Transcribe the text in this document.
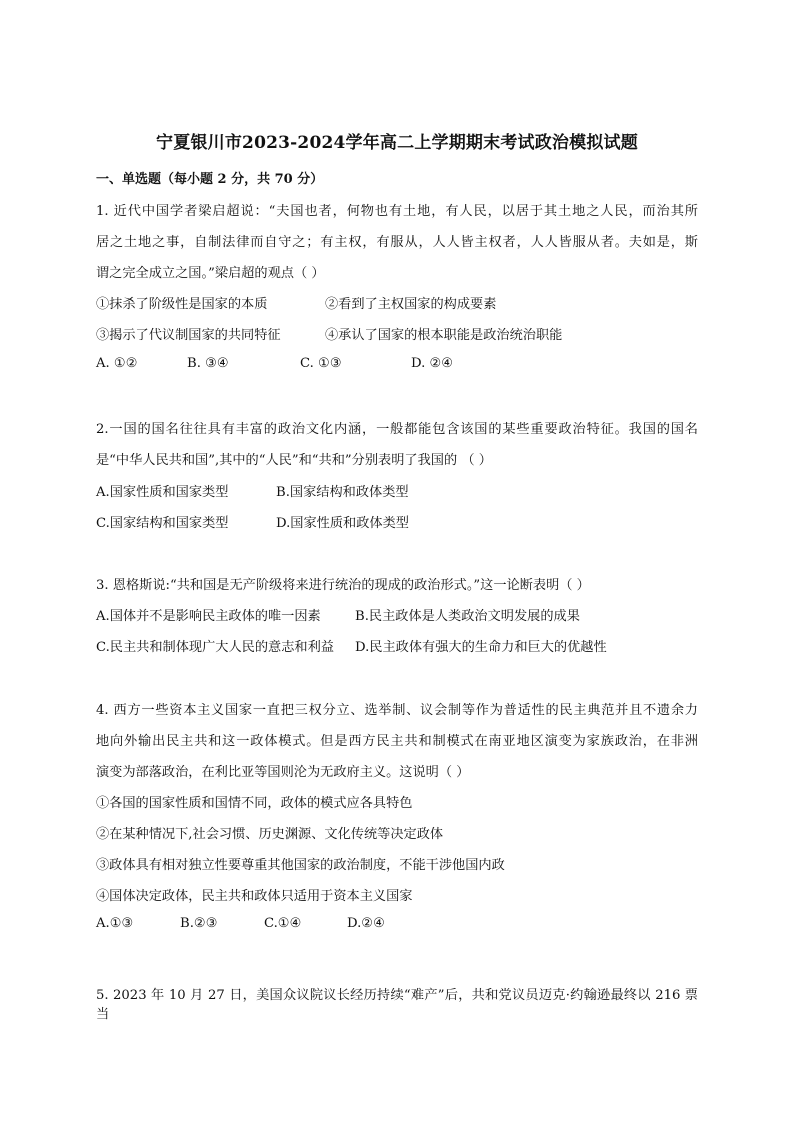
宁夏银川市2023-2024学年高二上学期期末考试政治模拟试题
一、单选题（每小题 2 分，共 70 分）
1. 近代中国学者梁启超说：“夫国也者，何物也有土地，有人民，以居于其土地之人民，而治其所
居之土地之事，自制法律而自守之；有主权，有服从，人人皆主权者，人人皆服从者。夫如是，斯
谓之完全成立之国。”梁启超的观点（ ）
①抹杀了阶级性是国家的本质	②看到了主权国家的构成要素
③揭示了代议制国家的共同特征	④承认了国家的根本职能是政治统治职能
A. ①②	B. ③④	C. ①③	D. ②④
2.一国的国名往往具有丰富的政治文化内涵，一般都能包含该国的某些重要政治特征。我国的国名
是“中华人民共和国”,其中的“人民”和“共和”分别表明了我国的 （ ）
A.国家性质和国家类型	B.国家结构和政体类型
C.国家结构和国家类型	D.国家性质和政体类型
3. 恩格斯说:“共和国是无产阶级将来进行统治的现成的政治形式。”这一论断表明（ ）
A.国体并不是影响民主政体的唯一因素	B.民主政体是人类政治文明发展的成果
C.民主共和制体现广大人民的意志和利益 D.民主政体有强大的生命力和巨大的优越性
4. 西方一些资本主义国家一直把三权分立、选举制、议会制等作为普适性的民主典范并且不遗余力
地向外输出民主共和这一政体模式。但是西方民主共和制模式在南亚地区演变为家族政治，在非洲
演变为部落政治，在利比亚等国则沦为无政府主义。这说明（ ）
①各国的国家性质和国情不同，政体的模式应各具特色
②在某种情况下,社会习惯、历史渊源、文化传统等决定政体
③政体具有相对独立性要尊重其他国家的政治制度，不能干涉他国内政
④国体决定政体，民主共和政体只适用于资本主义国家
A.①③	B.②③	C.①④	D.②④
5. 2023 年 10 月 27 日，美国众议院议长经历持续“难产”后，共和党议员迈克·约翰逊最终以 216 票当
